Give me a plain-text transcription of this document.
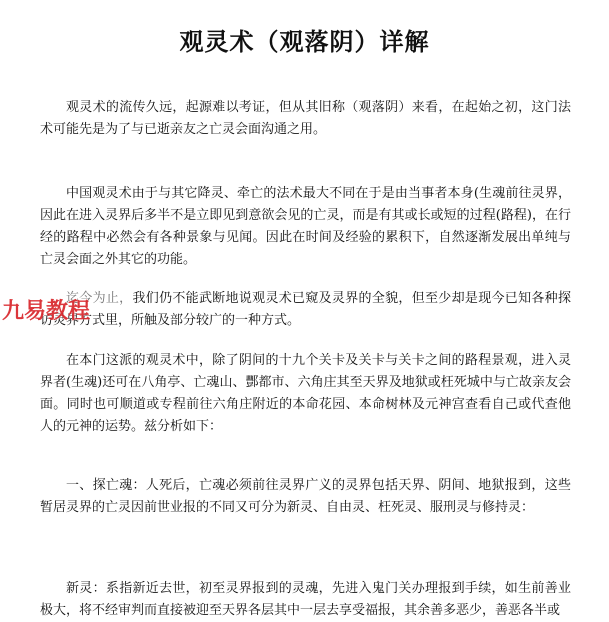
观灵术（观落阴）详解

观灵术的流传久远，起源难以考证，但从其旧称（观落阴）来看，在起始之初，这门法术可能先是为了与已逝亲友之亡灵会面沟通之用。

中国观灵术由于与其它降灵、牵亡的法术最大不同在于是由当事者本身(生魂前往灵界，因此在进入灵界后多半不是立即见到意欲会见的亡灵，而是有其或长或短的过程(路程)，在行经的路程中必然会有各种景象与见闻。因此在时间及经验的累积下，自然逐渐发展出单纯与亡灵会面之外其它的功能。

迄今为止，我们仍不能武断地说观灵术已窥及灵界的全貌，但至少却是现今已知各种探访灵界方式里，所触及部分较广的一种方式。

在本门这派的观灵术中，除了阴间的十九个关卡及关卡与关卡之间的路程景观，进入灵界者(生魂)还可在八角亭、亡魂山、酆都市、六角庄其至天界及地狱或枉死城中与亡故亲友会面。同时也可顺道或专程前往六角庄附近的本命花园、本命树林及元神宫查看自己或代查他人的元神的运势。兹分析如下：

一、探亡魂：人死后，亡魂必须前往灵界广义的灵界包括天界、阴间、地狱报到，这些暂居灵界的亡灵因前世业报的不同又可分为新灵、自由灵、枉死灵、服刑灵与修持灵：

新灵：系指新近去世，初至灵界报到的灵魂，先进入鬼门关办理报到手续，如生前善业极大，将不经审判而直接被迎至天界各层其中一层去享受福报，其余善多恶少，善恶各半或

九易教程
